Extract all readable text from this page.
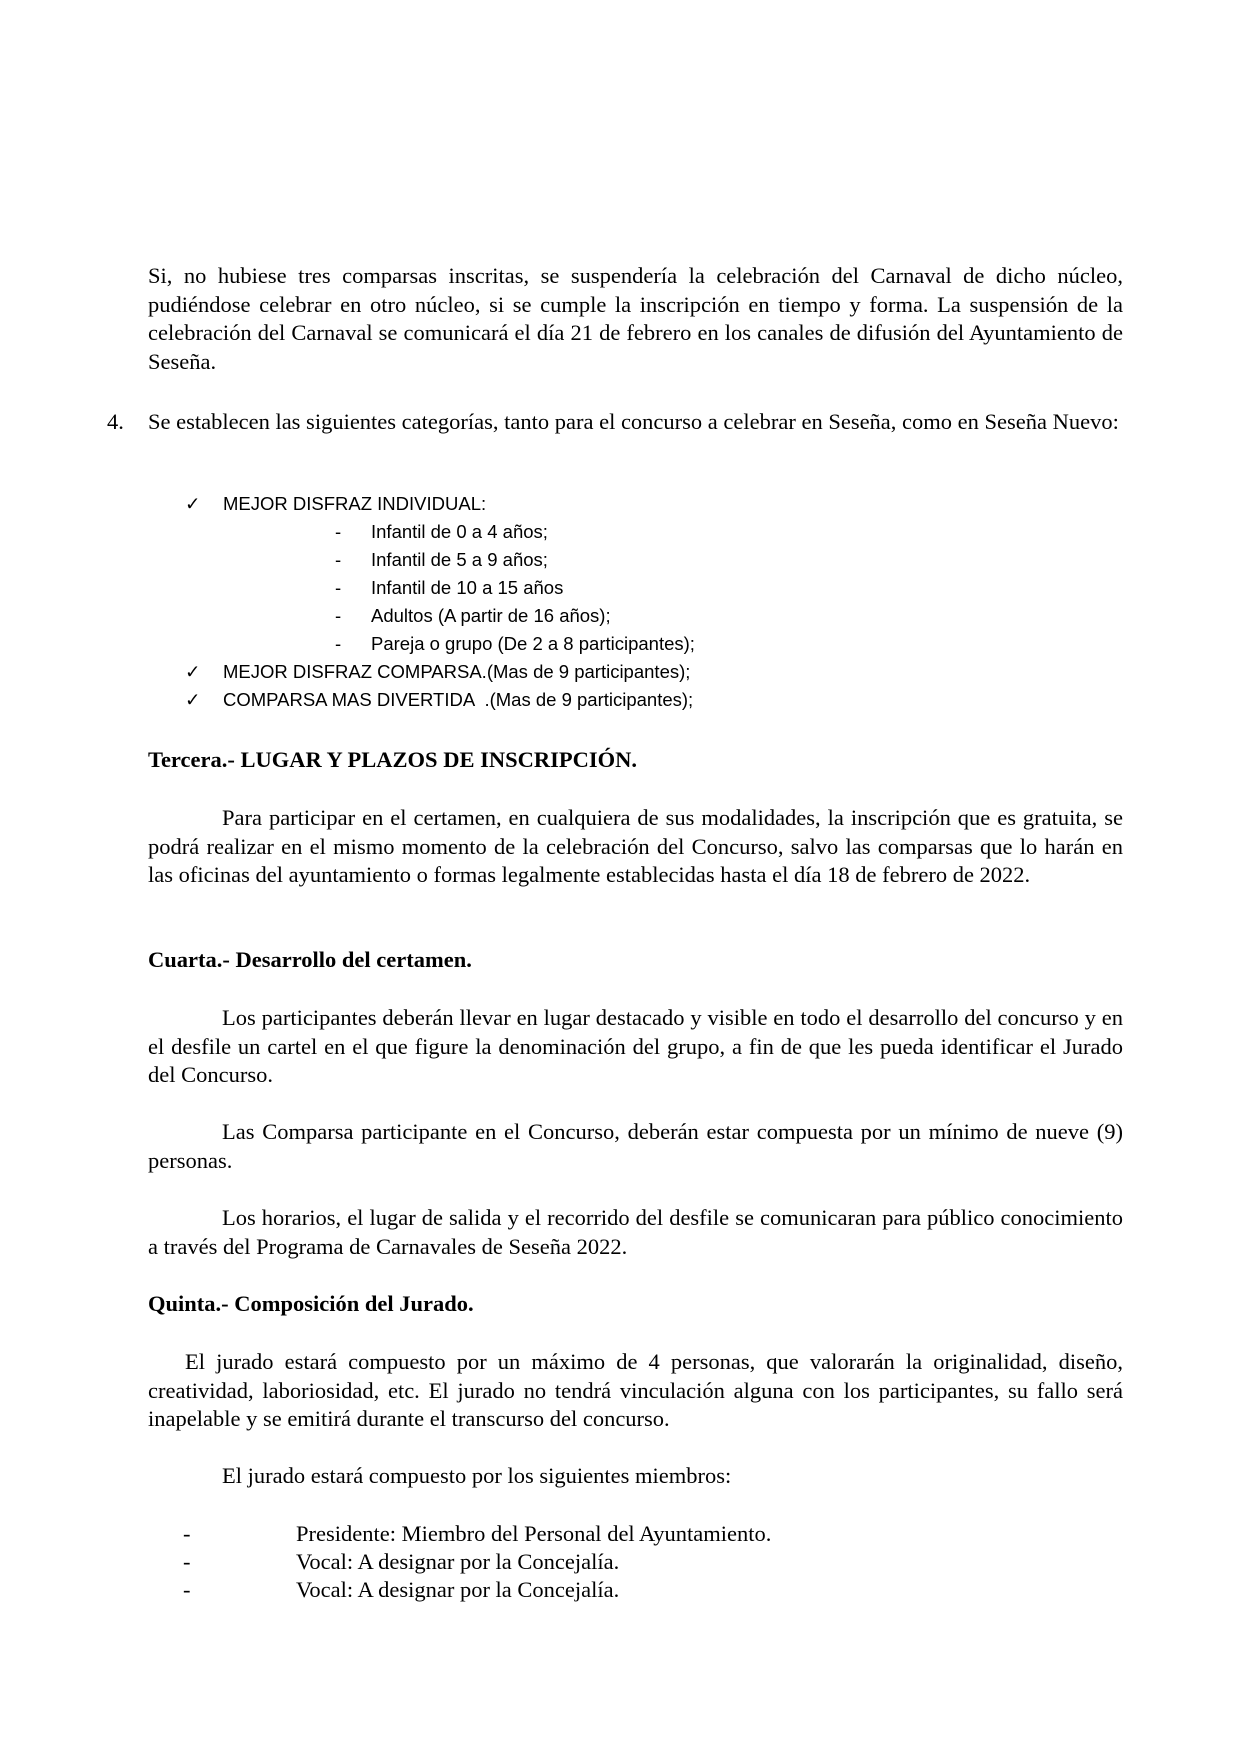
Si, no hubiese tres comparsas inscritas, se suspendería la celebración del Carnaval de dicho núcleo, pudiéndose celebrar en otro núcleo, si se cumple la inscripción en tiempo y forma. La suspensión de la celebración del Carnaval se comunicará el día 21 de febrero en los canales de difusión del Ayuntamiento de Seseña.
4. Se establecen las siguientes categorías, tanto para el concurso a celebrar en Seseña, como en Seseña Nuevo:
✓ MEJOR DISFRAZ INDIVIDUAL:
- Infantil de 0 a 4 años;
- Infantil de 5 a 9 años;
- Infantil de 10 a 15 años
- Adultos (A partir de 16 años);
- Pareja o grupo (De 2 a 8 participantes);
✓ MEJOR DISFRAZ COMPARSA.(Mas de 9 participantes);
✓ COMPARSA MAS DIVERTIDA  .(Mas de 9 participantes);
Tercera.- LUGAR Y PLAZOS DE INSCRIPCIÓN.
Para participar en el certamen, en cualquiera de sus modalidades, la inscripción que es gratuita, se podrá realizar en el mismo momento de la celebración del Concurso, salvo las comparsas que lo harán en las oficinas del ayuntamiento o formas legalmente establecidas hasta el día 18 de febrero de 2022.
Cuarta.- Desarrollo del certamen.
Los participantes deberán llevar en lugar destacado y visible en todo el desarrollo del concurso y en el desfile un cartel en el que figure la denominación del grupo, a fin de que les pueda identificar el Jurado del Concurso.
Las Comparsa participante en el Concurso, deberán estar compuesta por un mínimo de nueve (9) personas.
Los horarios, el lugar de salida y el recorrido del desfile se comunicaran para público conocimiento a través del Programa de Carnavales de Seseña 2022.
Quinta.- Composición del Jurado.
El jurado estará compuesto por un máximo de 4 personas, que valorarán la originalidad, diseño, creatividad, laboriosidad, etc. El jurado no tendrá vinculación alguna con los participantes, su fallo será inapelable y se emitirá durante el transcurso del concurso.
El jurado estará compuesto por los siguientes miembros:
-	Presidente: Miembro del Personal del Ayuntamiento.
-	Vocal: A designar por la Concejalía.
-	Vocal: A designar por la Concejalía.
